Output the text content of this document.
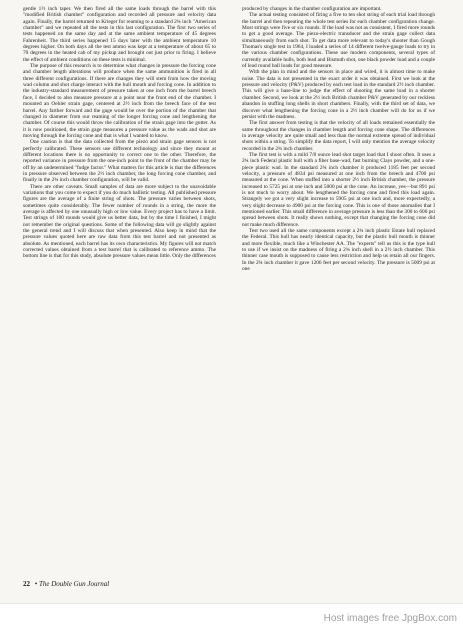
gentle 1½ inch taper. We then fired all the same loads through the barrel with this "modified British chamber" configuration and recorded all pressure and velocity data again. Finally, the barrel returned to Krieger for reaming to a standard 2¾ inch "American chamber" and we repeated all the tests in this last configuration. The first two series of tests happened on the same day and at the same ambient temperature of 45 degrees Fahrenheit. The third series happened 15 days later with the ambient temperature 10 degrees higher. On both days all the test ammo was kept at a temperature of about 65 to 70 degrees in the heated cab of my pickup and brought out just prior to firing. I believe the effect of ambient conditions on these tests is minimal.

The purpose of this research is to determine what changes in pressure the forcing cone and chamber length alterations will produce when the same ammunition is fired in all three different configurations. If there are changes they will stem from how the moving wad column and shot charge interact with the hull mouth and forcing cone. In addition to the industry-standard measurement of pressure taken at one inch from the barrel breech face, I decided to also measure pressure at a point near the front end of the chamber. I mounted an Oehler strain gage, centered at 2½ inch from the breech face of the test barrel. Any farther forward and the gage would be over the portion of the chamber that changed in diameter from our reaming of the longer forcing cone and lengthening the chamber. Of course this would throw the calibration of the strain gage into the gutter. As it is now positioned, the strain gage measures a pressure value as the wads and shot are moving through the forcing cone and that is what I wanted to know.

One caution is that the data collected from the piezo and strain gage sensors is not perfectly calibrated. These sensors use different technology and since they mount at different locations there is no opportunity to correct one to the other. Therefore, the reported variance in pressure from the one-inch point to the front of the chamber may be off by an undetermined "fudge factor." What matters for this article is that the differences in pressure observed between the 2½ inch chamber, the long forcing cone chamber, and finally in the 2¾ inch chamber configuration, will be valid.

There are other caveats. Small samples of data are more subject to the unavoidable variations that you come to expect if you do much ballistic testing. All published pressure figures are the average of a finite string of shots. The pressure varies between shots, sometimes quite considerably. The fewer number of rounds in a string, the more the average is affected by one unusually high or low value. Every project has to have a limit. Test strings of 100 rounds would give us better data, but by the time I finished, I might not remember the original questions. Some of the following data will go slightly against the general trend and I will discuss that when presented. Also keep in mind that the pressure values quoted here are raw data from this test barrel and not presented as absolute. As mentioned, each barrel has its own characteristics. My figures will not match corrected values obtained from a test barrel that is calibrated to reference ammo. The bottom line is that for this study, absolute pressure values mean little. Only the differences

produced by changes in the chamber configuration are important.

The actual testing consisted of firing a five to ten shot string of each trial load through the barrel and then repeating the whole test series for each chamber configuration change. Most strings were five or six rounds. If the load was not as consistent, I fired more rounds to get a good average. The piezo-electric transducer and the strain gage collect data simultaneously from each shot. To get data more relevant to today's shooter than Gough Thomas's single test in 1964, I loaded a series of 14 different twelve-gauge loads to try in the various chamber configurations. These use modern components, several types of currently available hulls, both lead and Bismuth shot, one black powder load and a couple of lead round ball loads for good measure.

With the plan in mind and the sensors in place and wired, it is almost time to make noise. The data is not presented in the exact order it was obtained. First we look at the pressure and velocity (P&V) produced by each test load in the standard 2½ inch chamber. This will give a base-line to judge the effect of shooting the same load in a shorter chamber. Second, we look at the 2½ inch British chamber P&V generated by our reckless abandon in stuffing long shells in short chambers. Finally, with the third set of data, we discover what lengthening the forcing cone in a 2½ inch chamber will do for us if we persist with the madness.

The first answer from testing is that the velocity of all loads remained essentially the same throughout the changes in chamber length and forcing cone shape. The differences in average velocity are quite small and less than the normal extreme spread of individual shots within a string. To simplify the data report, I will only mention the average velocity recorded in the 2¾ inch chamber.

The first test is with a mild 7/8 ounce lead shot target load that I shoot often. It uses a 2¾ inch Federal plastic hull with a fiber base-wad, fast burning Clays powder, and a one-piece plastic wad. In the standard 2¾ inch chamber it produced 1185 feet per second velocity, a pressure of 4834 psi measured at one inch from the breech and 4700 psi measured at the cone. When stuffed into a shorter 2½ inch British chamber, the pressure increased to 5725 psi at one inch and 5000 psi at the cone. An increase, yes—but 891 psi is not much to worry about. We lengthened the forcing cone and fired this load again. Strangely we got a very slight increase to 5905 psi at one inch and, more expectedly, a very slight decrease to 4900 psi at the forcing cone. This is one of those anomalies that I mentioned earlier. This small difference in average pressure is less than the 300 to 600 psi spread between shots. It really shows nothing, except that changing the forcing cone did not make much difference.

Test two used all the same components except a 2¾ inch plastic Estate hull replaced the Federal. This hull has nearly identical capacity, but the plastic hull mouth is thinner and more flexible, much like a Winchester AA. The "experts" tell us this is the type hull to use if we insist on the madness of firing a 2¾ inch shell in a 2½ inch chamber. This thinner case mouth is supposed to cause less restriction and help us retain all our fingers. In the 2¾ inch chamber it gave 1206 feet per second velocity. The pressure is 5009 psi at one

22 • The Double Gun Journal
Host images free JpgBox.com
